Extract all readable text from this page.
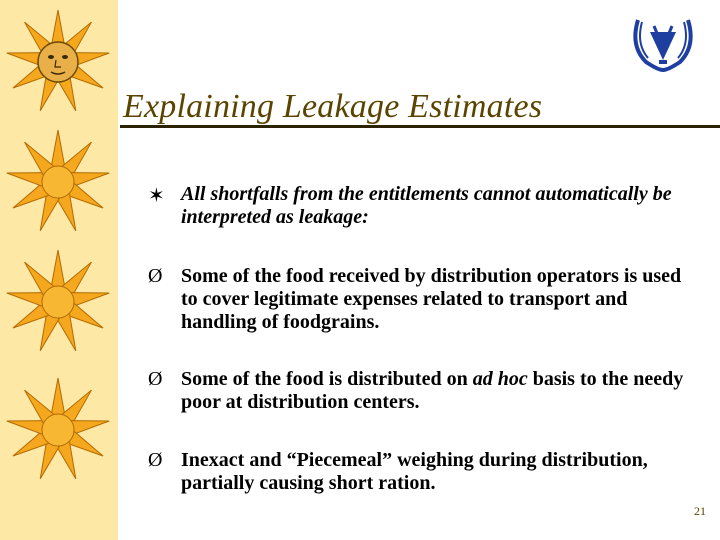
Explaining Leakage Estimates
✶ All shortfalls from the entitlements cannot automatically be interpreted as leakage:

Ø Some of the food received by distribution operators is used to cover legitimate expenses related to transport and handling of foodgrains.

Ø Some of the food is distributed on ad hoc basis to the needy poor at distribution centers.

Ø Inexact and “Piecemeal” weighing during distribution, partially causing short ration.

21
